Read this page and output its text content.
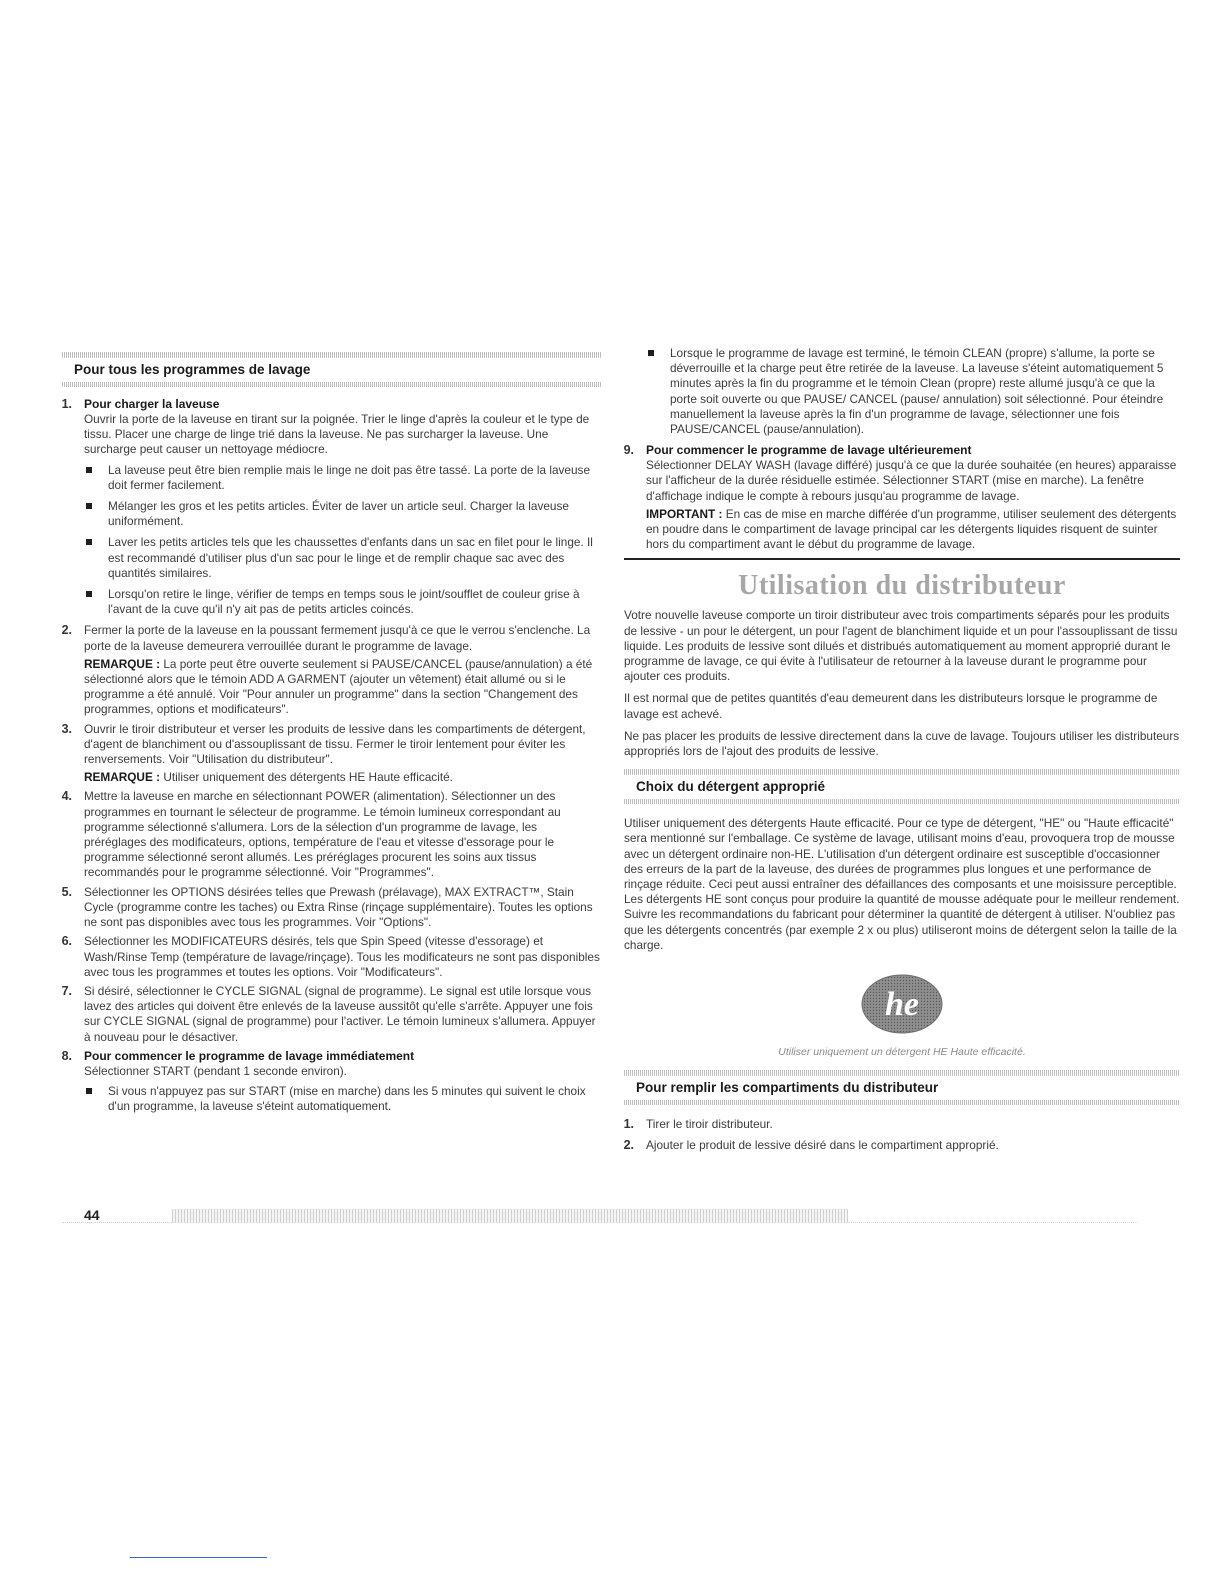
Pour tous les programmes de lavage
1. Pour charger la laveuse

Ouvrir la porte de la laveuse en tirant sur la poignée. Trier le linge d'après la couleur et le type de tissu. Placer une charge de linge trié dans la laveuse. Ne pas surcharger la laveuse. Une surcharge peut causer un nettoyage médiocre.

La laveuse peut être bien remplie mais le linge ne doit pas être tassé. La porte de la laveuse doit fermer facilement.

Mélanger les gros et les petits articles. Éviter de laver un article seul. Charger la laveuse uniformément.

Laver les petits articles tels que les chaussettes d'enfants dans un sac en filet pour le linge. Il est recommandé d'utiliser plus d'un sac pour le linge et de remplir chaque sac avec des quantités similaires.

Lorsqu'on retire le linge, vérifier de temps en temps sous le joint/soufflet de couleur grise à l'avant de la cuve qu'il n'y ait pas de petits articles coincés.

2. Fermer la porte de la laveuse en la poussant fermement jusqu'à ce que le verrou s'enclenche. La porte de la laveuse demeurera verrouillée durant le programme de lavage.

REMARQUE : La porte peut être ouverte seulement si PAUSE/CANCEL (pause/annulation) a été sélectionné alors que le témoin ADD A GARMENT (ajouter un vêtement) était allumé ou si le programme a été annulé. Voir "Pour annuler un programme" dans la section "Changement des programmes, options et modificateurs".

3. Ouvrir le tiroir distributeur et verser les produits de lessive dans les compartiments de détergent, d'agent de blanchiment ou d'assouplissant de tissu. Fermer le tiroir lentement pour éviter les renversements. Voir "Utilisation du distributeur".

REMARQUE : Utiliser uniquement des détergents HE Haute efficacité.

4. Mettre la laveuse en marche en sélectionnant POWER (alimentation). Sélectionner un des programmes en tournant le sélecteur de programme. Le témoin lumineux correspondant au programme sélectionné s'allumera. Lors de la sélection d'un programme de lavage, les préréglages des modificateurs, options, température de l'eau et vitesse d'essorage pour le programme sélectionné seront allumés. Les préréglages procurent les soins aux tissus recommandés pour le programme sélectionné. Voir "Programmes".

5. Sélectionner les OPTIONS désirées telles que Prewash (prélavage), MAX EXTRACT™, Stain Cycle (programme contre les taches) ou Extra Rinse (rinçage supplémentaire). Toutes les options ne sont pas disponibles avec tous les programmes. Voir "Options".

6. Sélectionner les MODIFICATEURS désirés, tels que Spin Speed (vitesse d'essorage) et Wash/Rinse Temp (température de lavage/rinçage). Tous les modificateurs ne sont pas disponibles avec tous les programmes et toutes les options. Voir "Modificateurs".

7. Si désiré, sélectionner le CYCLE SIGNAL (signal de programme). Le signal est utile lorsque vous lavez des articles qui doivent être enlevés de la laveuse aussitôt qu'elle s'arrête. Appuyer une fois sur CYCLE SIGNAL (signal de programme) pour l'activer. Le témoin lumineux s'allumera. Appuyer à nouveau pour le désactiver.

8. Pour commencer le programme de lavage immédiatement

Sélectionner START (pendant 1 seconde environ).

Si vous n'appuyez pas sur START (mise en marche) dans les 5 minutes qui suivent le choix d'un programme, la laveuse s'éteint automatiquement.

Lorsque le programme de lavage est terminé, le témoin CLEAN (propre) s'allume, la porte se déverrouille et la charge peut être retirée de la laveuse. La laveuse s'éteint automatiquement 5 minutes après la fin du programme et le témoin Clean (propre) reste allumé jusqu'à ce que la porte soit ouverte ou que PAUSE/ CANCEL (pause/ annulation) soit sélectionné. Pour éteindre manuellement la laveuse après la fin d'un programme de lavage, sélectionner une fois PAUSE/CANCEL (pause/annulation).

9. Pour commencer le programme de lavage ultérieurement

Sélectionner DELAY WASH (lavage différé) jusqu'à ce que la durée souhaitée (en heures) apparaisse sur l'afficheur de la durée résiduelle estimée. Sélectionner START (mise en marche). La fenêtre d'affichage indique le compte à rebours jusqu'au programme de lavage.

IMPORTANT : En cas de mise en marche différée d'un programme, utiliser seulement des détergents en poudre dans le compartiment de lavage principal car les détergents liquides risquent de suinter hors du compartiment avant le début du programme de lavage.

Utilisation du distributeur

Votre nouvelle laveuse comporte un tiroir distributeur avec trois compartiments séparés pour les produits de lessive - un pour le détergent, un pour l'agent de blanchiment liquide et un pour l'assouplissant de tissu liquide. Les produits de lessive sont dilués et distribués automatiquement au moment approprié durant le programme de lavage, ce qui évite à l'utilisateur de retourner à la laveuse durant le programme pour ajouter ces produits.

Il est normal que de petites quantités d'eau demeurent dans les distributeurs lorsque le programme de lavage est achevé.

Ne pas placer les produits de lessive directement dans la cuve de lavage. Toujours utiliser les distributeurs appropriés lors de l'ajout des produits de lessive.

Choix du détergent approprié

Utiliser uniquement des détergents Haute efficacité. Pour ce type de détergent, "HE" ou "Haute efficacité" sera mentionné sur l'emballage. Ce système de lavage, utilisant moins d'eau, provoquera trop de mousse avec un détergent ordinaire non-HE. L'utilisation d'un détergent ordinaire est susceptible d'occasionner des erreurs de la part de la laveuse, des durées de programmes plus longues et une performance de rinçage réduite. Ceci peut aussi entraîner des défaillances des composants et une moisissure perceptible. Les détergents HE sont conçus pour produire la quantité de mousse adéquate pour le meilleur rendement. Suivre les recommandations du fabricant pour déterminer la quantité de détergent à utiliser. N'oubliez pas que les détergents concentrés (par exemple 2 x ou plus) utiliseront moins de détergent selon la taille de la charge.

he

Utiliser uniquement un détergent HE Haute efficacité.

Pour remplir les compartiments du distributeur
1. Tirer le tiroir distributeur.

2. Ajouter le produit de lessive désiré dans le compartiment approprié.

44
